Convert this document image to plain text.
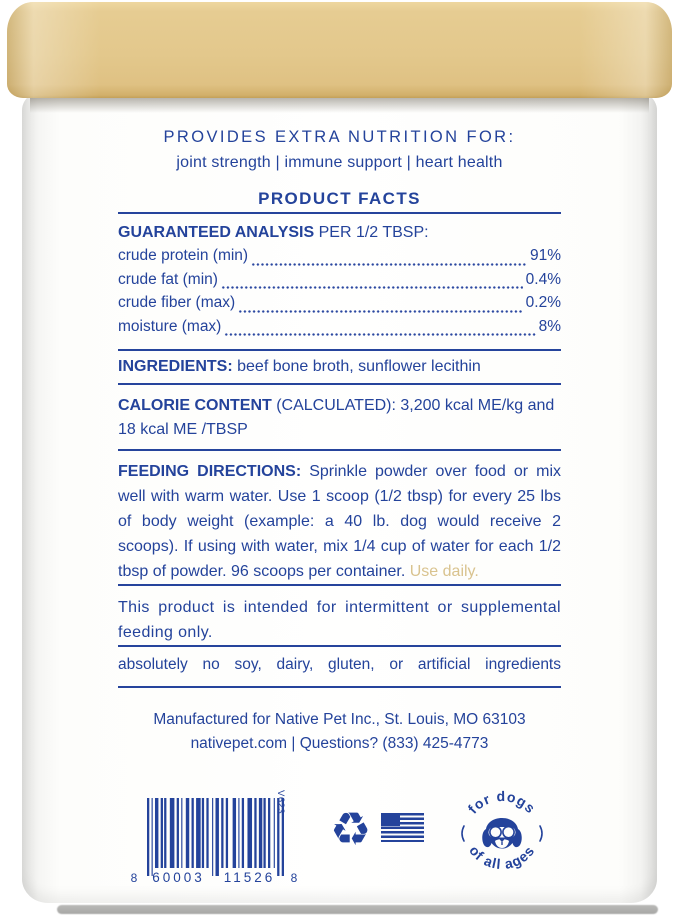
PROVIDES EXTRA NUTRITION FOR:
joint strength | immune support | heart health
PRODUCT FACTS
GUARANTEED ANALYSIS PER 1/2 TBSP:
crude protein (min)	91%
crude fat (min)	0.4%
crude fiber (max)	0.2%
moisture (max)	8%
INGREDIENTS: beef bone broth, sunflower lecithin
CALORIE CONTENT (CALCULATED): 3,200 kcal ME/kg and 18 kcal ME /TBSP
FEEDING DIRECTIONS: Sprinkle powder over food or mix well with warm water. Use 1 scoop (1/2 tbsp) for every 25 lbs of body weight (example: a 40 lb. dog would receive 2 scoops). If using with water, mix 1/4 cup of water for each 1/2 tbsp of powder. 96 scoops per container. Use daily.
This product is intended for intermittent or supplemental feeding only.
absolutely no soy, dairy, gluten, or artificial ingredients
Manufactured for Native Pet Inc., St. Louis, MO 63103
nativepet.com | Questions? (833) 425-4773
8	60003	11526	8
V623
♻	for dogs
of all ages
